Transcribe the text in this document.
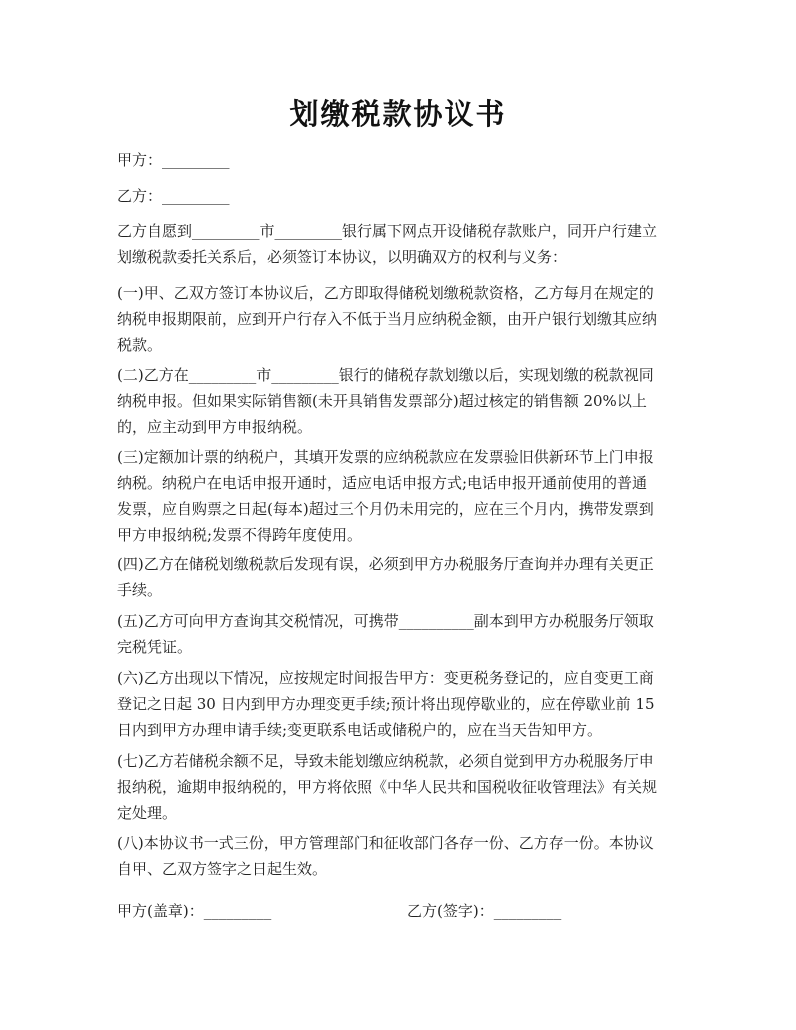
划缴税款协议书
甲方：_________
乙方：_________
乙方自愿到_________市_________银行属下网点开设储税存款账户，同开户行建立
划缴税款委托关系后，必须签订本协议，以明确双方的权利与义务：
(一)甲、乙双方签订本协议后，乙方即取得储税划缴税款资格，乙方每月在规定的
纳税申报期限前，应到开户行存入不低于当月应纳税金额，由开户银行划缴其应纳
税款。
(二)乙方在_________市_________银行的储税存款划缴以后，实现划缴的税款视同
纳税申报。但如果实际销售额(未开具销售发票部分)超过核定的销售额 20%以上
的，应主动到甲方申报纳税。
(三)定额加计票的纳税户，其填开发票的应纳税款应在发票验旧供新环节上门申报
纳税。纳税户在电话申报开通时，适应电话申报方式;电话申报开通前使用的普通
发票，应自购票之日起(每本)超过三个月仍未用完的，应在三个月内，携带发票到
甲方申报纳税;发票不得跨年度使用。
(四)乙方在储税划缴税款后发现有误，必须到甲方办税服务厅查询并办理有关更正
手续。
(五)乙方可向甲方查询其交税情况，可携带__________副本到甲方办税服务厅领取
完税凭证。
(六)乙方出现以下情况，应按规定时间报告甲方：变更税务登记的，应自变更工商
登记之日起 30 日内到甲方办理变更手续;预计将出现停歇业的，应在停歇业前 15
日内到甲方办理申请手续;变更联系电话或储税户的，应在当天告知甲方。
(七)乙方若储税余额不足，导致未能划缴应纳税款，必须自觉到甲方办税服务厅申
报纳税，逾期申报纳税的，甲方将依照《中华人民共和国税收征收管理法》有关规
定处理。
(八)本协议书一式三份，甲方管理部门和征收部门各存一份、乙方存一份。本协议
自甲、乙双方签字之日起生效。
甲方(盖章)：_________	乙方(签字)：_________
